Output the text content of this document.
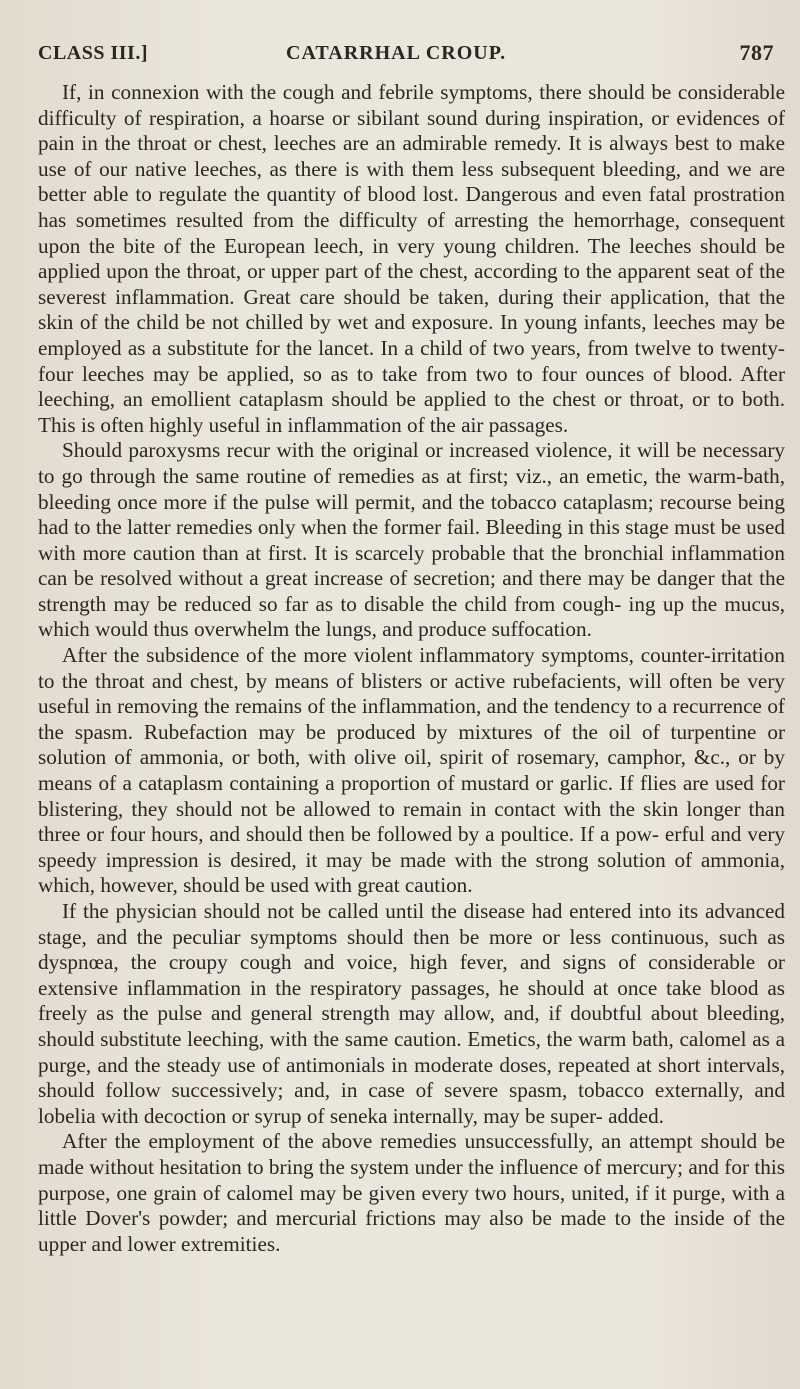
CLASS III.]	CATARRHAL CROUP.	787

If, in connexion with the cough and febrile symptoms, there should be considerable difficulty of respiration, a hoarse or sibilant sound during inspiration, or evidences of pain in the throat or chest, leeches are an admirable remedy. It is always best to make use of our native leeches, as there is with them less subsequent bleeding, and we are better able to regulate the quantity of blood lost. Dangerous and even fatal prostration has sometimes resulted from the difficulty of arresting the hemorrhage, consequent upon the bite of the European leech, in very young children. The leeches should be applied upon the throat, or upper part of the chest, according to the apparent seat of the severest inflammation. Great care should be taken, during their application, that the skin of the child be not chilled by wet and exposure. In young infants, leeches may be employed as a substitute for the lancet. In a child of two years, from twelve to twenty-four leeches may be applied, so as to take from two to four ounces of blood. After leeching, an emollient cataplasm should be applied to the chest or throat, or to both. This is often highly useful in inflammation of the air passages.

Should paroxysms recur with the original or increased violence, it will be necessary to go through the same routine of remedies as at first; viz., an emetic, the warm-bath, bleeding once more if the pulse will permit, and the tobacco cataplasm; recourse being had to the latter remedies only when the former fail. Bleeding in this stage must be used with more caution than at first. It is scarcely probable that the bronchial inflammation can be resolved without a great increase of secretion; and there may be danger that the strength may be reduced so far as to disable the child from cough- ing up the mucus, which would thus overwhelm the lungs, and produce suffocation.

After the subsidence of the more violent inflammatory symptoms, counter-irritation to the throat and chest, by means of blisters or active rubefacients, will often be very useful in removing the remains of the inflammation, and the tendency to a recurrence of the spasm. Rubefaction may be produced by mixtures of the oil of turpentine or solution of ammonia, or both, with olive oil, spirit of rosemary, camphor, &c., or by means of a cataplasm containing a proportion of mustard or garlic. If flies are used for blistering, they should not be allowed to remain in contact with the skin longer than three or four hours, and should then be followed by a poultice. If a pow- erful and very speedy impression is desired, it may be made with the strong solution of ammonia, which, however, should be used with great caution.

If the physician should not be called until the disease had entered into its advanced stage, and the peculiar symptoms should then be more or less continuous, such as dyspnœa, the croupy cough and voice, high fever, and signs of considerable or extensive inflammation in the respiratory passages, he should at once take blood as freely as the pulse and general strength may allow, and, if doubtful about bleeding, should substitute leeching, with the same caution. Emetics, the warm bath, calomel as a purge, and the steady use of antimonials in moderate doses, repeated at short intervals, should follow successively; and, in case of severe spasm, tobacco externally, and lobelia with decoction or syrup of seneka internally, may be super- added.

After the employment of the above remedies unsuccessfully, an attempt should be made without hesitation to bring the system under the influence of mercury; and for this purpose, one grain of calomel may be given every two hours, united, if it purge, with a little Dover's powder; and mercurial frictions may also be made to the inside of the upper and lower extremities.
